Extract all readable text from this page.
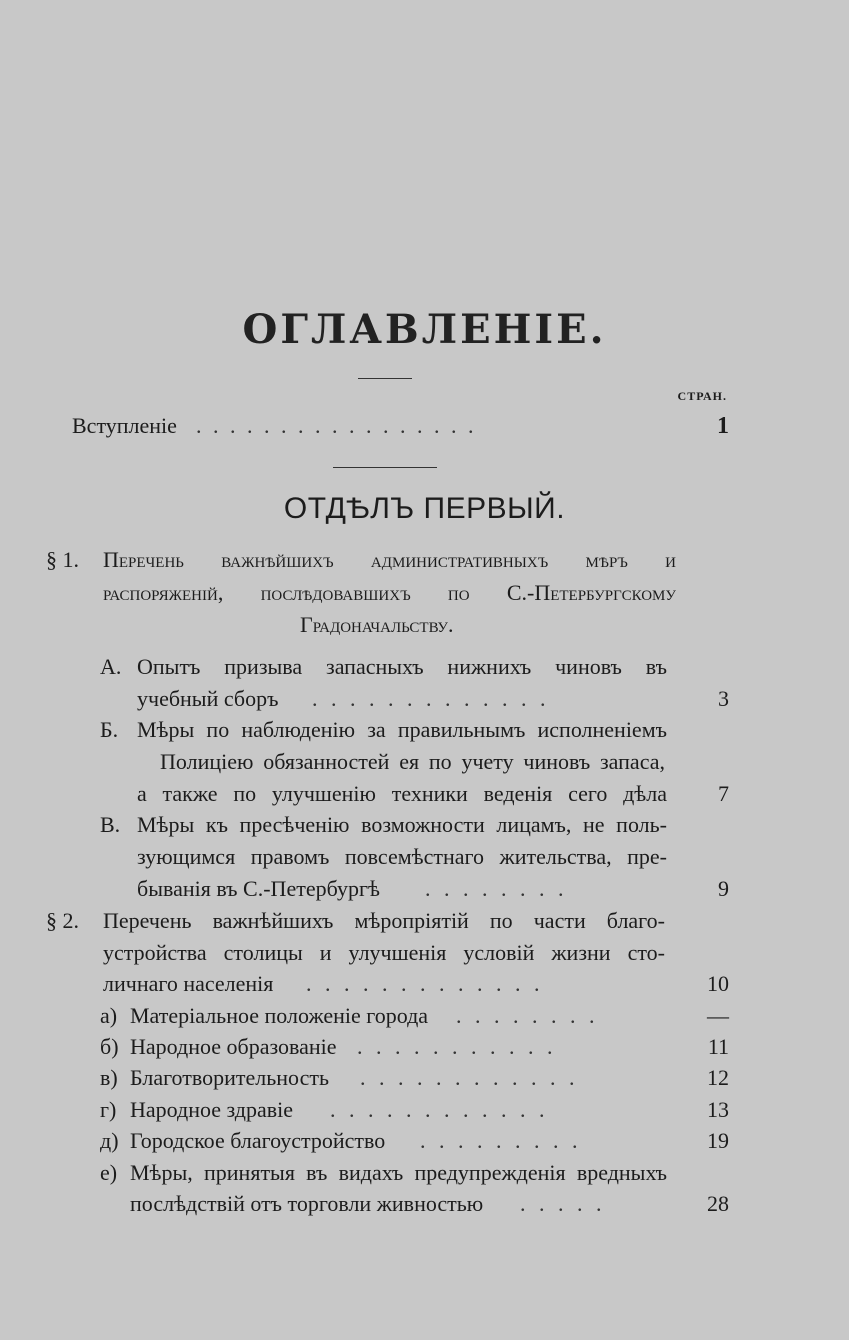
ОГЛАВЛЕНІЕ.
СТРАН.
Вступленіе . . . . . . . . . . . . . . . . .	1
ОТДѢЛЪ ПЕРВЫЙ.
§ 1. Перечень важнѣйшихъ административныхъ мѣръ и
распоряженій, послѣдовавшихъ по С.-Петербургскому
Градоначальству.
А. Опытъ призыва запасныхъ нижнихъ чиновъ въ
учебный сборъ . . . . . . . . . . . . .	3
Б. Мѣры по наблюденію за правильнымъ исполненіемъ
Полиціею обязанностей ея по учету чиновъ запаса,
а также по улучшенію техники веденія сего дѣла 7
В. Мѣры къ пресѣченію возможности лицамъ, не поль-
зующимся правомъ повсемѣстнаго жительства, пре-
быванія въ С.-Петербургѣ . . . . . . . .	9
§ 2. Перечень важнѣйшихъ мѣропріятій по части благо-
устройства столицы и улучшенія условій жизни сто-
личнаго населенія . . . . . . . . . . . . .	10
а) Матеріальное положеніе города . . . . . . . .	—
б) Народное образованіе . . . . . . . . . . .	11
в) Благотворительность . . . . . . . . . . . .	12
г) Народное здравіе . . . . . . . . . . . .	13
д) Городское благоустройство . . . . . . . . .	19
е) Мѣры, принятыя въ видахъ предупрежденія вредныхъ
послѣдствій отъ торговли живностью . . . . .	28
